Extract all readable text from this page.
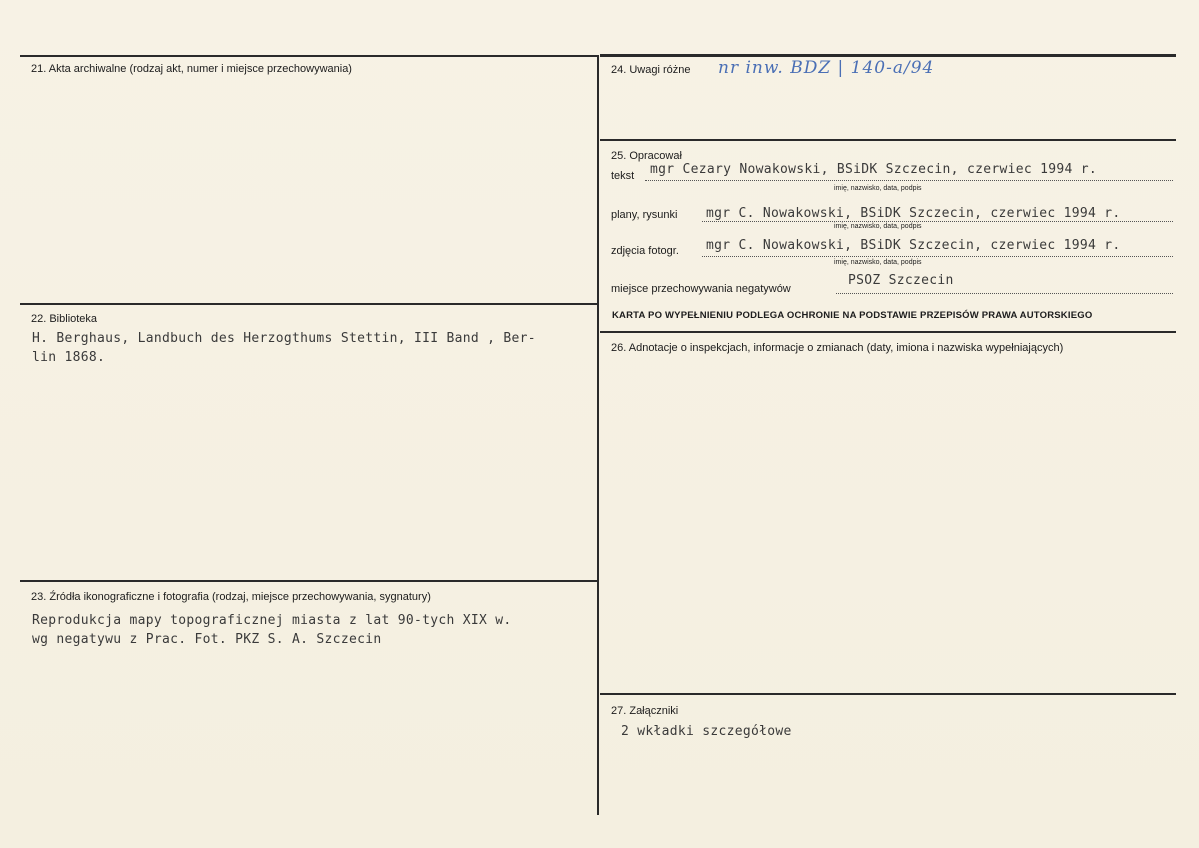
21. Akta archiwalne (rodzaj akt, numer i miejsce przechowywania)
22. Biblioteka
H. Berghaus, Landbuch des Herzogthums Stettin, III Band , Ber-
lin 1868.
23. Źródła ikonograficzne i fotografia (rodzaj, miejsce przechowywania, sygnatury)
Reprodukcja mapy topograficznej miasta z lat 90-tych XIX w.
wg negatywu z Prac. Fot. PKZ S. A. Szczecin
24. Uwagi różne nr inw. BDZ | 140-a/94
25. Opracował
tekst mgr Cezary Nowakowski, BSiDK Szczecin, czerwiec 1994 r.
imię, nazwisko, data, podpis
plany, rysunki mgr C. Nowakowski, BSiDK Szczecin, czerwiec 1994 r.
imię, nazwisko, data, podpis
zdjęcia fotogr. mgr C. Nowakowski, BSiDK Szczecin, czerwiec 1994 r.
imię, nazwisko, data, podpis
miejsce przechowywania negatywów
PSOZ Szczecin
KARTA PO WYPEŁNIENIU PODLEGA OCHRONIE NA PODSTAWIE PRZEPISÓW PRAWA AUTORSKIEGO
26. Adnotacje o inspekcjach, informacje o zmianach (daty, imiona i nazwiska wypełniających)
27. Załączniki
2 wkładki szczegółowe
